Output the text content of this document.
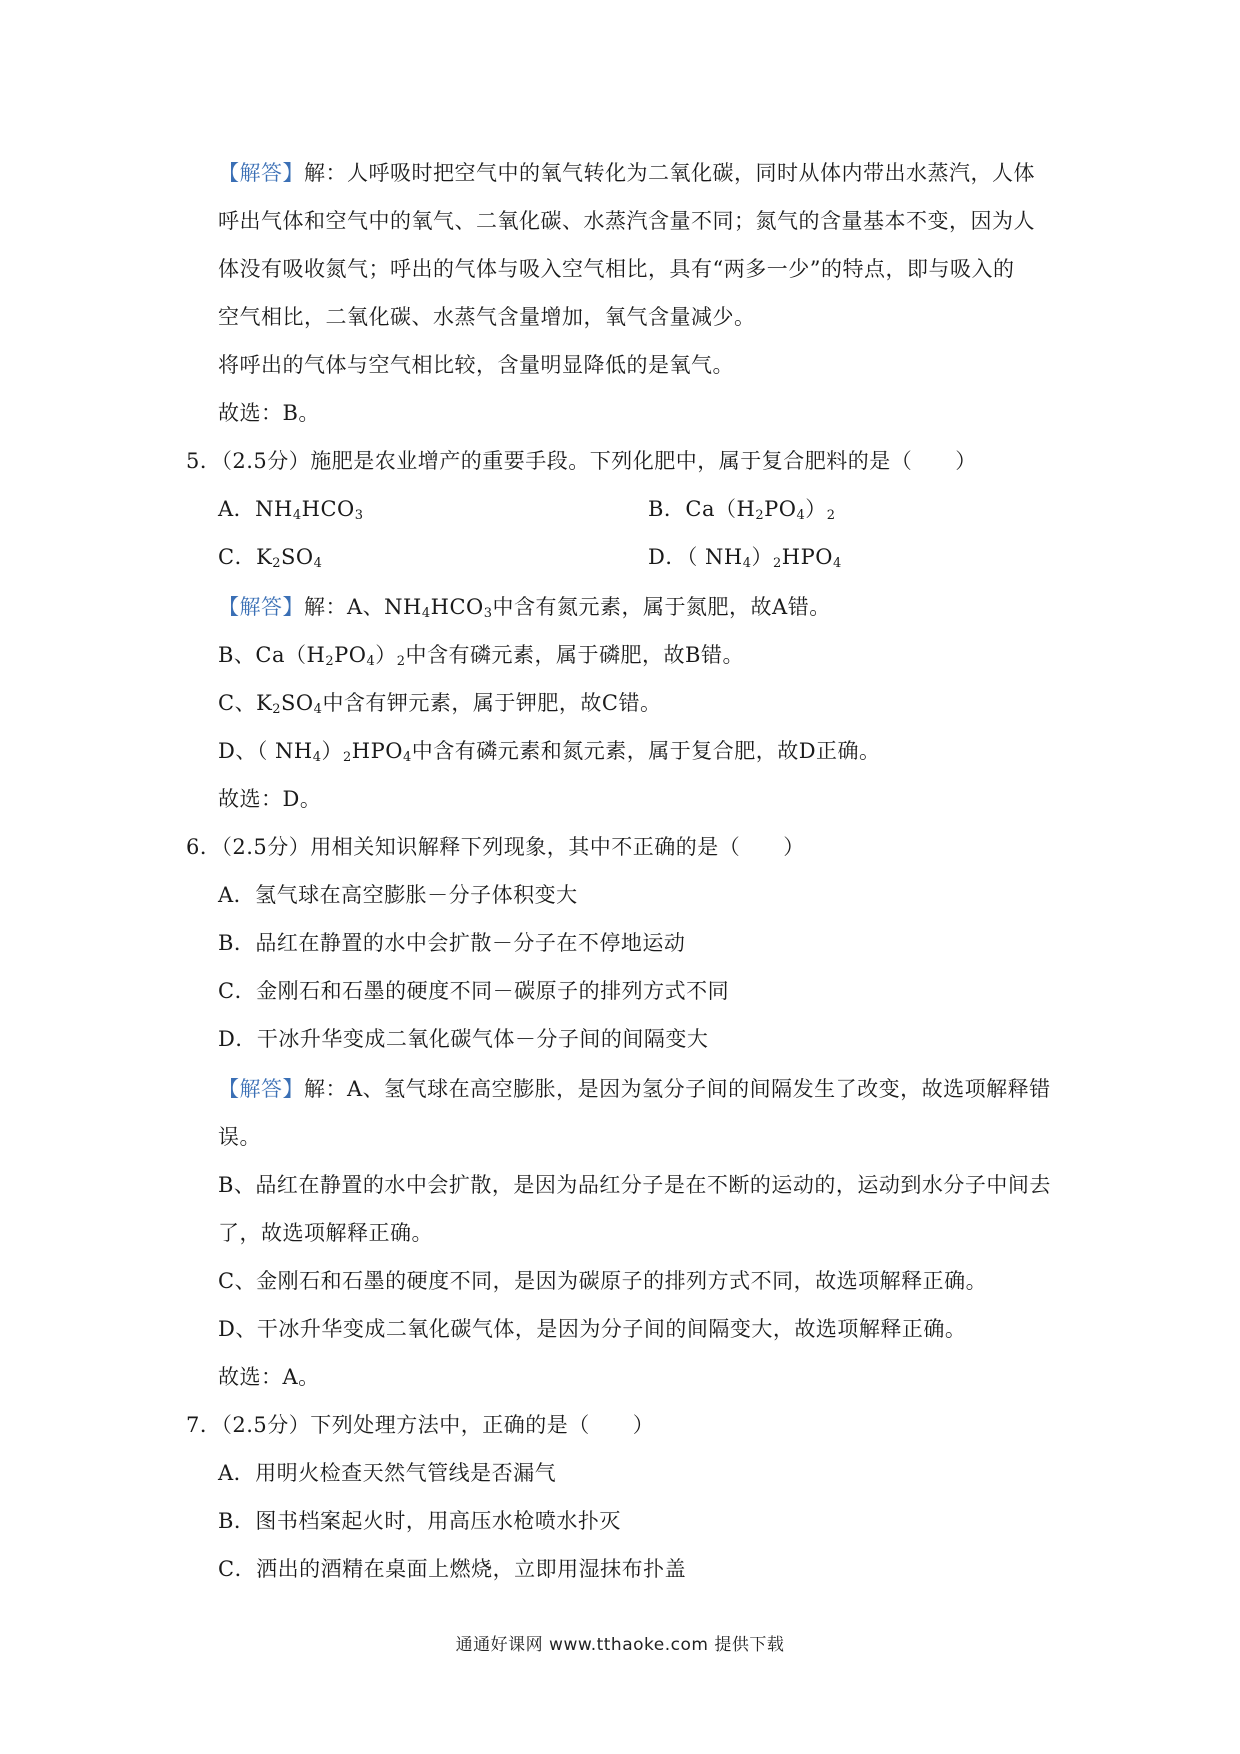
【解答】解：人呼吸时把空气中的氧气转化为二氧化碳，同时从体内带出水蒸汽，人体
呼出气体和空气中的氧气、二氧化碳、水蒸汽含量不同；氮气的含量基本不变，因为人
体没有吸收氮气；呼出的气体与吸入空气相比，具有“两多一少”的特点，即与吸入的
空气相比，二氧化碳、水蒸气含量增加，氧气含量减少。
将呼出的气体与空气相比较，含量明显降低的是氧气。
故选：B。
5．（2.5分）施肥是农业增产的重要手段。下列化肥中，属于复合肥料的是（　　）
A．$NH_4HCO_3$	B．$Ca(H_2PO_4)_2$
C．$K_2SO_4$	D．（ $NH_4)_2HPO_4$
【解答】解：A、$NH_4HCO_3$中含有氮元素，属于氮肥，故A错。
B、$Ca(H_2PO_4)_2$中含有磷元素，属于磷肥，故B错。
C、$K_2SO_4$中含有钾元素，属于钾肥，故C错。
D、（ $NH_4)_2HPO_4$中含有磷元素和氮元素，属于复合肥，故D正确。
故选：D。
6．（2.5分）用相关知识解释下列现象，其中不正确的是（　　）
A．氢气球在高空膨胀－分子体积变大
B．品红在静置的水中会扩散－分子在不停地运动
C．金刚石和石墨的硬度不同－碳原子的排列方式不同
D．干冰升华变成二氧化碳气体－分子间的间隔变大
【解答】解：A、氢气球在高空膨胀，是因为氢分子间的间隔发生了改变，故选项解释错
误。
B、品红在静置的水中会扩散，是因为品红分子是在不断的运动的，运动到水分子中间去
了，故选项解释正确。
C、金刚石和石墨的硬度不同，是因为碳原子的排列方式不同，故选项解释正确。
D、干冰升华变成二氧化碳气体，是因为分子间的间隔变大，故选项解释正确。
故选：A。
7．（2.5分）下列处理方法中，正确的是（　　）
A．用明火检查天然气管线是否漏气
B．图书档案起火时，用高压水枪喷水扑灭
C．洒出的酒精在桌面上燃烧，立即用湿抹布扑盖
通通好课网 www.tthaoke.com 提供下载
